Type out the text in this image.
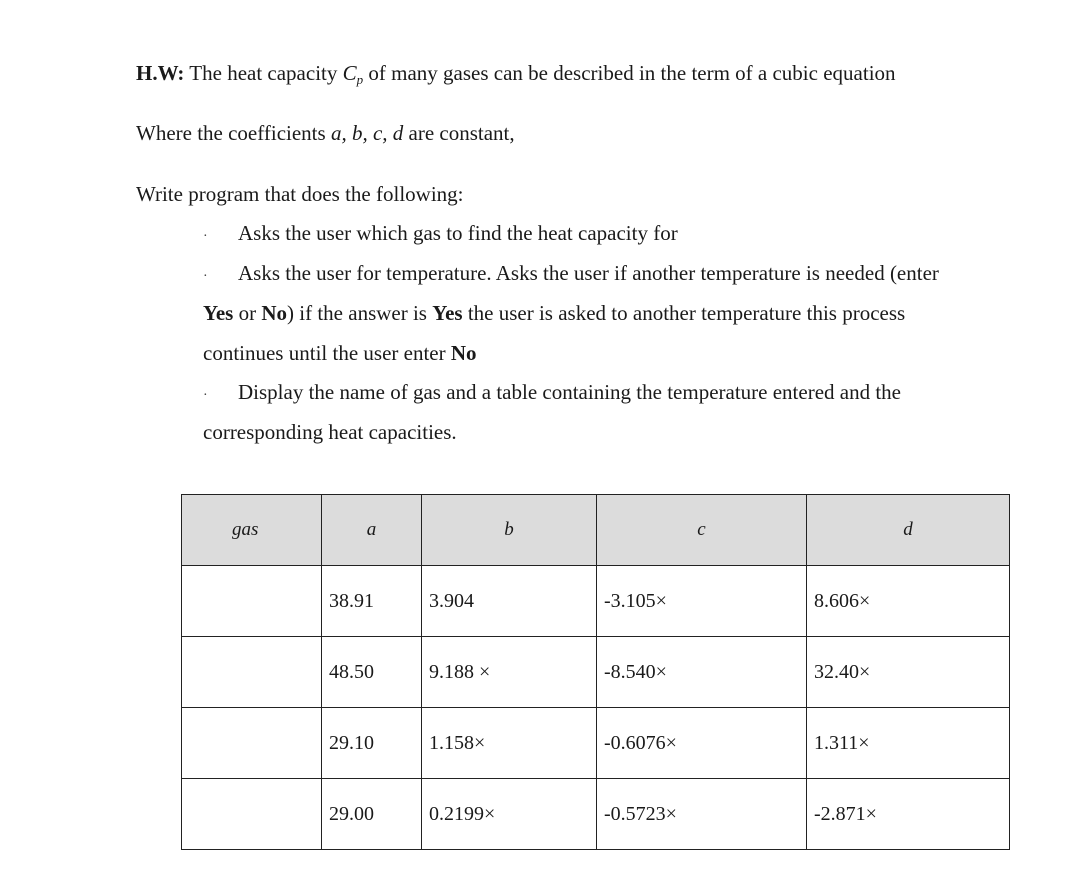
H.W: The heat capacity $C_p$ of many gases can be described in the term of a cubic equation
Where the coefficients a, b, c, d are constant,
Write program that does the following:
· Asks the user which gas to find the heat capacity for
· Asks the user for temperature. Asks the user if another temperature is needed (enter
Yes or No) if the answer is Yes the user is asked to another temperature this process
continues until the user enter No
· Display the name of gas and a table containing the temperature entered and the
corresponding heat capacities.
gas	a	b	c	d
	38.91	3.904	-3.105×	8.606×
	48.50	9.188 ×	-8.540×	32.40×
	29.10	1.158×	-0.6076×	1.311×
	29.00	0.2199×	-0.5723×	-2.871×
